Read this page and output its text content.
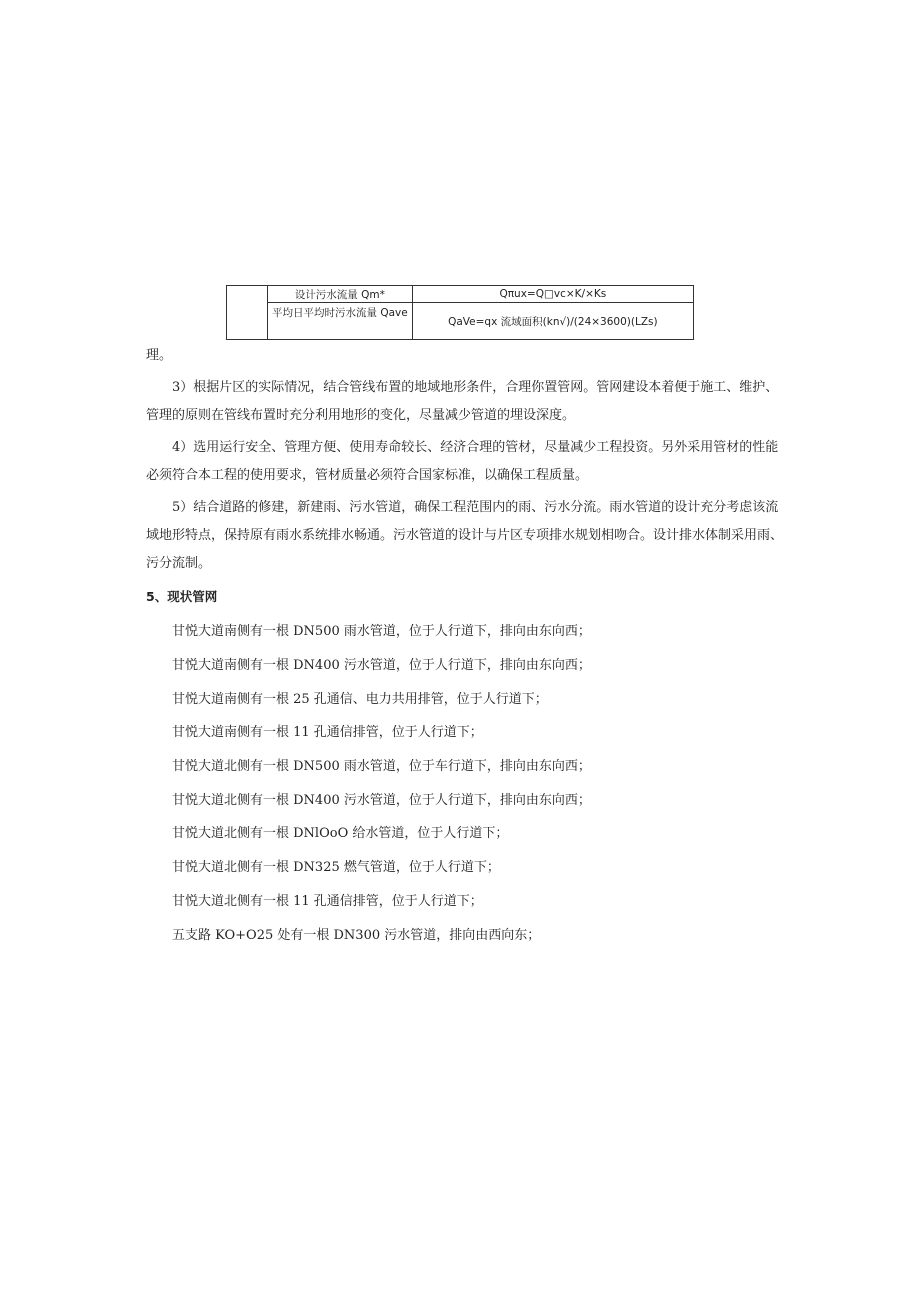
	设计污水流量 Qm*	Qπux=Q□vc×K/×Ks
	平均日平均时污水流量 Qave	QaVe=qx 流域面积(kn√)/(24×3600)(LZs)
理。

3）根据片区的实际情况，结合管线布置的地域地形条件，合理你置管网。管网建设本着便于施工、维护、管理的原则在管线布置时充分利用地形的变化，尽量减少管道的埋设深度。

4）选用运行安全、管理方便、使用寿命较长、经济合理的管材，尽量减少工程投资。另外采用管材的性能必须符合本工程的使用要求，管材质量必须符合国家标准，以确保工程质量。

5）结合道路的修建，新建雨、污水管道，确保工程范围内的雨、污水分流。雨水管道的设计充分考虑该流域地形特点，保持原有雨水系统排水畅通。污水管道的设计与片区专项排水规划相吻合。设计排水体制采用雨、污分流制。

5、现状管网
甘悦大道南侧有一根 DN500 雨水管道，位于人行道下，排向由东向西；
甘悦大道南侧有一根 DN400 污水管道，位于人行道下，排向由东向西；
甘悦大道南侧有一根 25 孔通信、电力共用排管，位于人行道下；
甘悦大道南侧有一根 11 孔通信排管，位于人行道下；
甘悦大道北侧有一根 DN500 雨水管道，位于车行道下，排向由东向西；
甘悦大道北侧有一根 DN400 污水管道，位于人行道下，排向由东向西；
甘悦大道北侧有一根 DNlOoO 给水管道，位于人行道下；
甘悦大道北侧有一根 DN325 燃气管道，位于人行道下；
甘悦大道北侧有一根 11 孔通信排管，位于人行道下；
五支路 KO+O25 处有一根 DN300 污水管道，排向由西向东；
